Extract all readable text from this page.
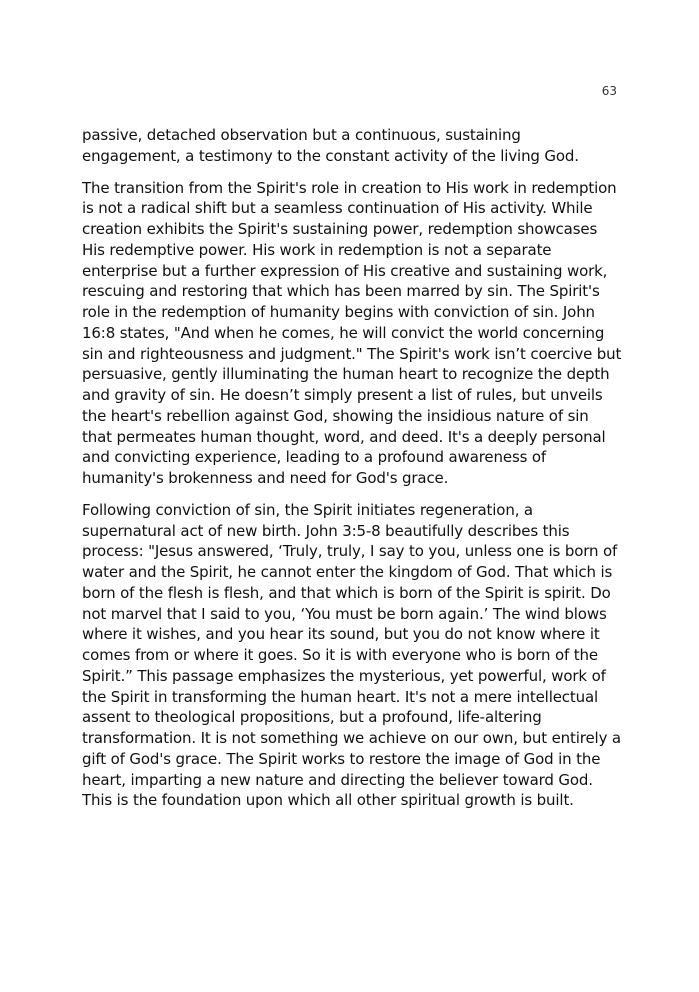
63

passive, detached observation but a continuous, sustaining engagement, a testimony to the constant activity of the living God.

The transition from the Spirit's role in creation to His work in redemption is not a radical shift but a seamless continuation of His activity. While creation exhibits the Spirit's sustaining power, redemption showcases His redemptive power. His work in redemption is not a separate enterprise but a further expression of His creative and sustaining work, rescuing and restoring that which has been marred by sin. The Spirit's role in the redemption of humanity begins with conviction of sin. John 16:8 states, "And when he comes, he will convict the world concerning sin and righteousness and judgment." The Spirit's work isn’t coercive but persuasive, gently illuminating the human heart to recognize the depth and gravity of sin. He doesn’t simply present a list of rules, but unveils the heart's rebellion against God, showing the insidious nature of sin that permeates human thought, word, and deed. It's a deeply personal and convicting experience, leading to a profound awareness of humanity's brokenness and need for God's grace.

Following conviction of sin, the Spirit initiates regeneration, a supernatural act of new birth. John 3:5-8 beautifully describes this process: "Jesus answered, ‘Truly, truly, I say to you, unless one is born of water and the Spirit, he cannot enter the kingdom of God. That which is born of the flesh is flesh, and that which is born of the Spirit is spirit. Do not marvel that I said to you, ‘You must be born again.’ The wind blows where it wishes, and you hear its sound, but you do not know where it comes from or where it goes. So it is with everyone who is born of the Spirit.” This passage emphasizes the mysterious, yet powerful, work of the Spirit in transforming the human heart. It's not a mere intellectual assent to theological propositions, but a profound, life-altering transformation. It is not something we achieve on our own, but entirely a gift of God's grace. The Spirit works to restore the image of God in the heart, imparting a new nature and directing the believer toward God. This is the foundation upon which all other spiritual growth is built.
